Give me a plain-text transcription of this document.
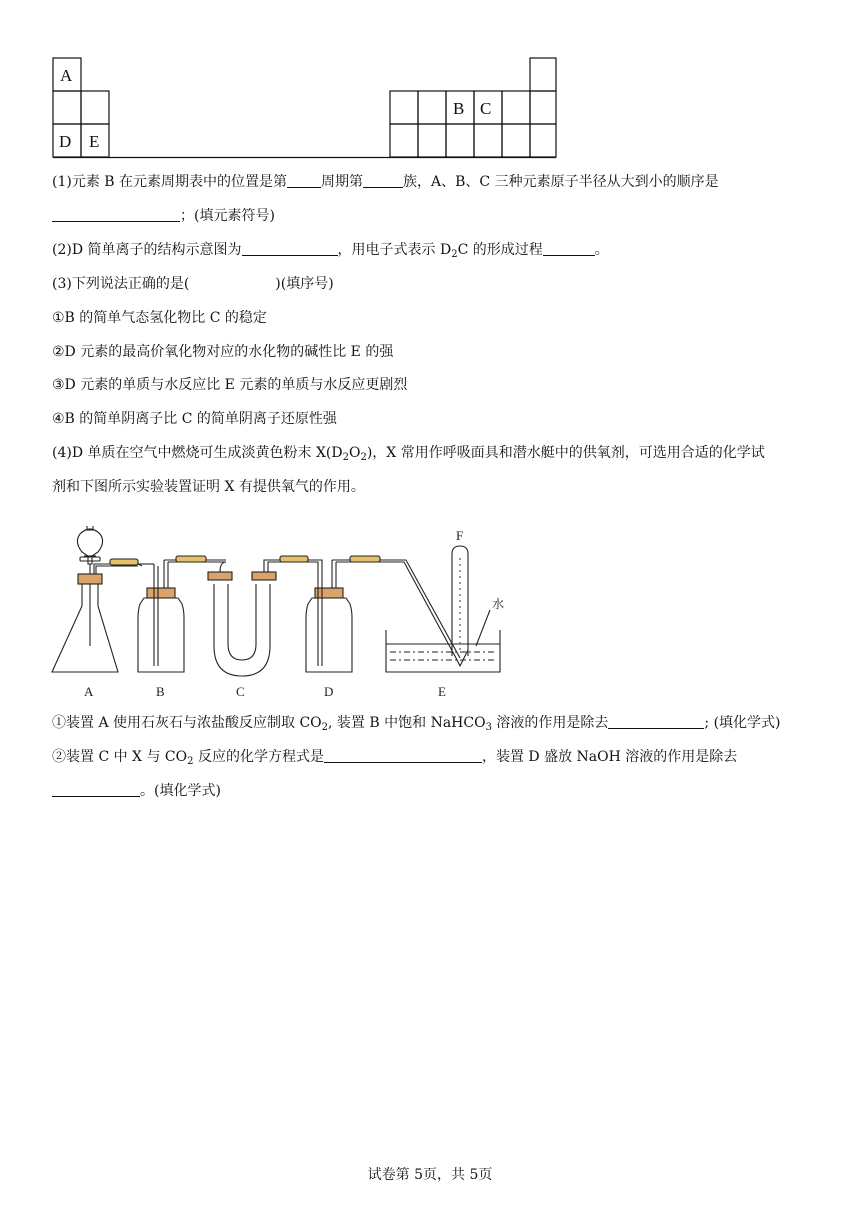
A
D E
B C
(1)元素 B 在元素周期表中的位置是第 周期第	族，A、B、C 三种元素原子半径从大到小的顺序是
；(填元素符号)
(2)D 简单离子的结构示意图为	，用电子式表示 $D_2C$ 的形成过程	。
(3)下列说法正确的是(	)(填序号)
①B 的简单气态氢化物比 C 的稳定
②D 元素的最高价氧化物对应的水化物的碱性比 E 的强
③D 元素的单质与水反应比 E 元素的单质与水反应更剧烈
④B 的简单阴离子比 C 的简单阴离子还原性强
(4)D 单质在空气中燃烧可生成淡黄色粉末 $X(D_2O_2)$，X 常用作呼吸面具和潜水艇中的供氧剂，可选用合适的化学试
剂和下图所示实验装置证明 X 有提供氧气的作用。
A	B	C	D	E
F
水
①装置 A 使用石灰石与浓盐酸反应制取 $CO_2$, 装置 B 中饱和 NaHCO$_3$ 溶液的作用是除去	; (填化学式)
②装置 C 中 X 与 $CO_2$ 反应的化学方程式是	，装置 D 盛放 NaOH 溶液的作用是除去
。(填化学式)
试卷第 5页，共 5页
